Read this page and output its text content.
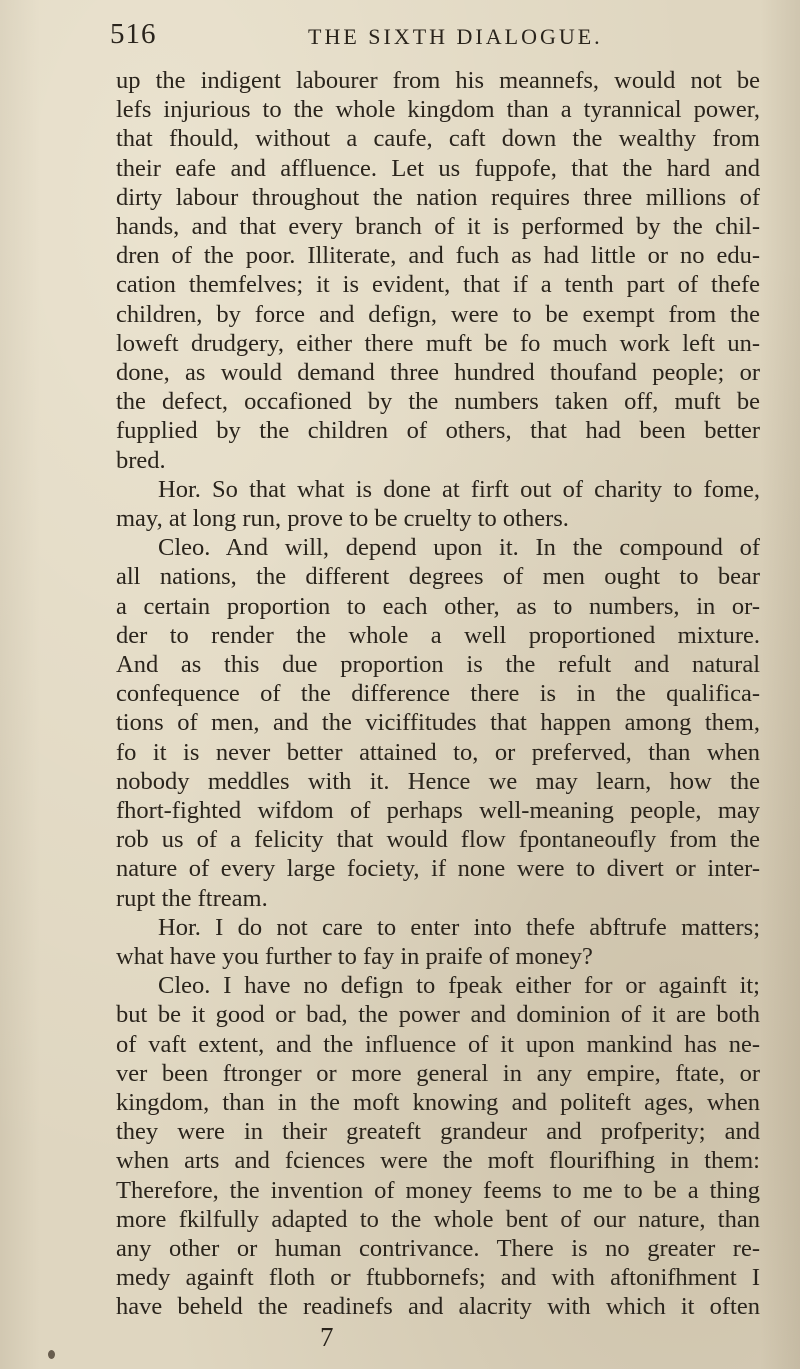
516	THE SIXTH DIALOGUE.
up the indigent labourer from his meannefs, would not be
lefs injurious to the whole kingdom than a tyrannical power,
that fhould, without a caufe, caft down the wealthy from
their eafe and affluence. Let us fuppofe, that the hard and
dirty labour throughout the nation requires three millions of
hands, and that every branch of it is performed by the chil-
dren of the poor. Illiterate, and fuch as had little or no edu-
cation themfelves; it is evident, that if a tenth part of thefe
children, by force and defign, were to be exempt from the
loweft drudgery, either there muft be fo much work left un-
done, as would demand three hundred thoufand people; or
the defect, occafioned by the numbers taken off, muft be
fupplied by the children of others, that had been better
bred.
Hor. So that what is done at firft out of charity to fome,
may, at long run, prove to be cruelty to others.
Cleo. And will, depend upon it. In the compound of
all nations, the different degrees of men ought to bear
a certain proportion to each other, as to numbers, in or-
der to render the whole a well proportioned mixture.
And as this due proportion is the refult and natural
confequence of the difference there is in the qualifica-
tions of men, and the viciffitudes that happen among them,
fo it is never better attained to, or preferved, than when
nobody meddles with it. Hence we may learn, how the
fhort-fighted wifdom of perhaps well-meaning people, may
rob us of a felicity that would flow fpontaneoufly from the
nature of every large fociety, if none were to divert or inter-
rupt the ftream.
Hor. I do not care to enter into thefe abftrufe matters;
what have you further to fay in praife of money?
Cleo. I have no defign to fpeak either for or againft it;
but be it good or bad, the power and dominion of it are both
of vaft extent, and the influence of it upon mankind has ne-
ver been ftronger or more general in any empire, ftate, or
kingdom, than in the moft knowing and politeft ages, when
they were in their greateft grandeur and profperity; and
when arts and fciences were the moft flourifhing in them:
Therefore, the invention of money feems to me to be a thing
more fkilfully adapted to the whole bent of our nature, than
any other or human contrivance. There is no greater re-
medy againft floth or ftubbornefs; and with aftonifhment I
have beheld the readinefs and alacrity with which it often
7
